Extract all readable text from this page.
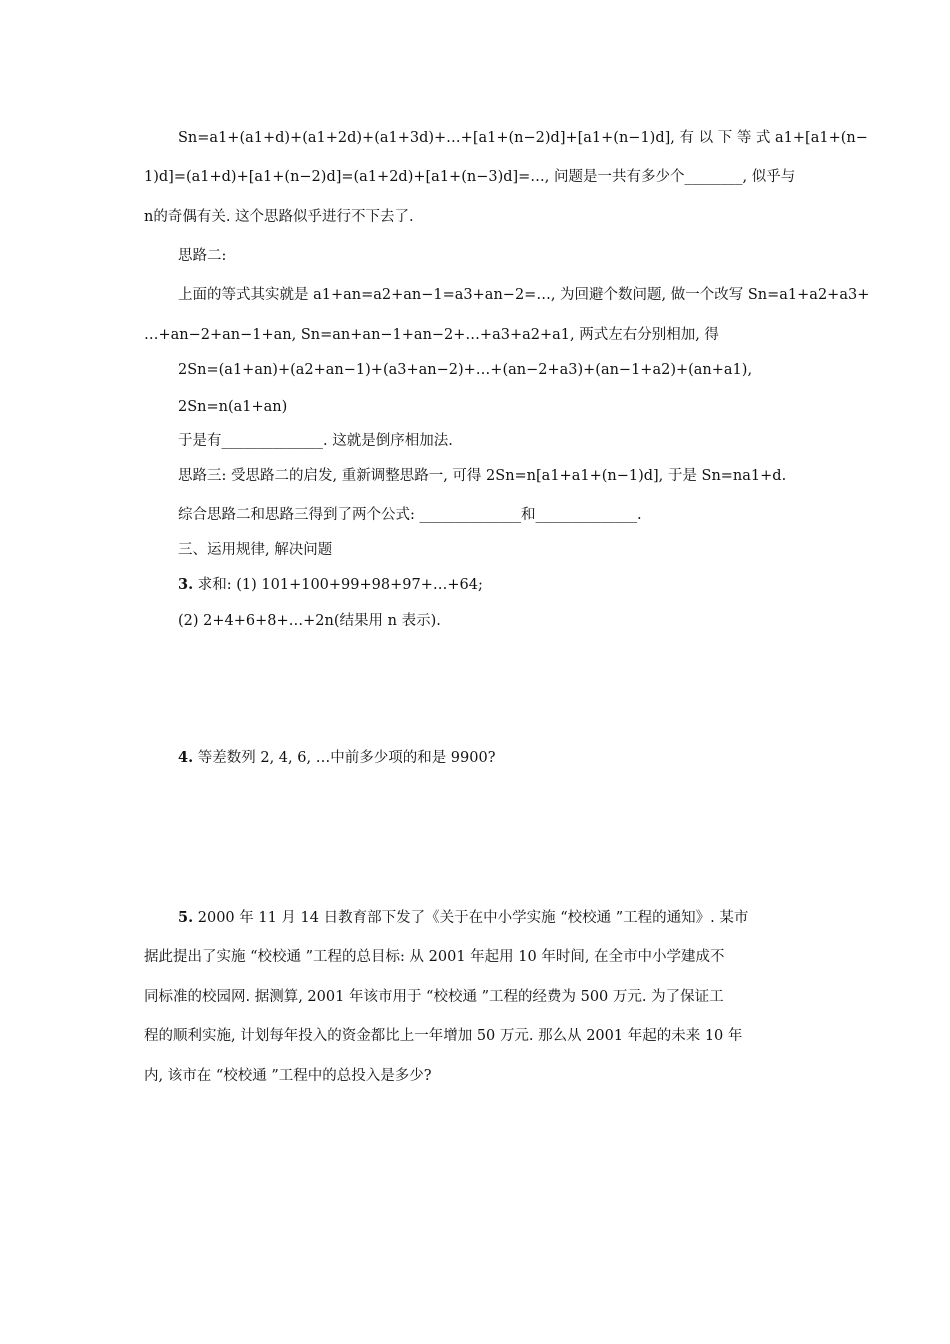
Sn=a1+(a1+d)+(a1+2d)+(a1+3d)+…+[a1+(n−2)d]+[a1+(n−1)d], 有 以 下 等 式 a1+[a1+(n−
1)d]=(a1+d)+[a1+(n−2)d]=(a1+2d)+[a1+(n−3)d]=…, 问题是一共有多少个________, 似乎与
n的奇偶有关. 这个思路似乎进行不下去了.
思路二:
上面的等式其实就是 a1+an=a2+an−1=a3+an−2=…, 为回避个数问题, 做一个改写 Sn=a1+a2+a3+
…+an−2+an−1+an, Sn=an+an−1+an−2+…+a3+a2+a1, 两式左右分别相加, 得
2Sn=(a1+an)+(a2+an−1)+(a3+an−2)+…+(an−2+a3)+(an−1+a2)+(an+a1),
2Sn=n(a1+an)
于是有______________. 这就是倒序相加法.
思路三: 受思路二的启发, 重新调整思路一, 可得 2Sn=n[a1+a1+(n−1)d], 于是 Sn=na1+d.
综合思路二和思路三得到了两个公式: ______________和______________.
三、运用规律, 解决问题
3. 求和: (1) 101+100+99+98+97+…+64;
(2) 2+4+6+8+…+2n(结果用 n 表示).
4. 等差数列 2, 4, 6, …中前多少项的和是 9900?
5. 2000 年 11 月 14 日教育部下发了《关于在中小学实施 “校校通 ”工程的通知》. 某市
据此提出了实施 “校校通 ”工程的总目标: 从 2001 年起用 10 年时间, 在全市中小学建成不
同标准的校园网. 据测算, 2001 年该市用于 “校校通 ”工程的经费为 500 万元. 为了保证工
程的顺利实施, 计划每年投入的资金都比上一年增加 50 万元. 那么从 2001 年起的未来 10 年
内, 该市在 “校校通 ”工程中的总投入是多少?
